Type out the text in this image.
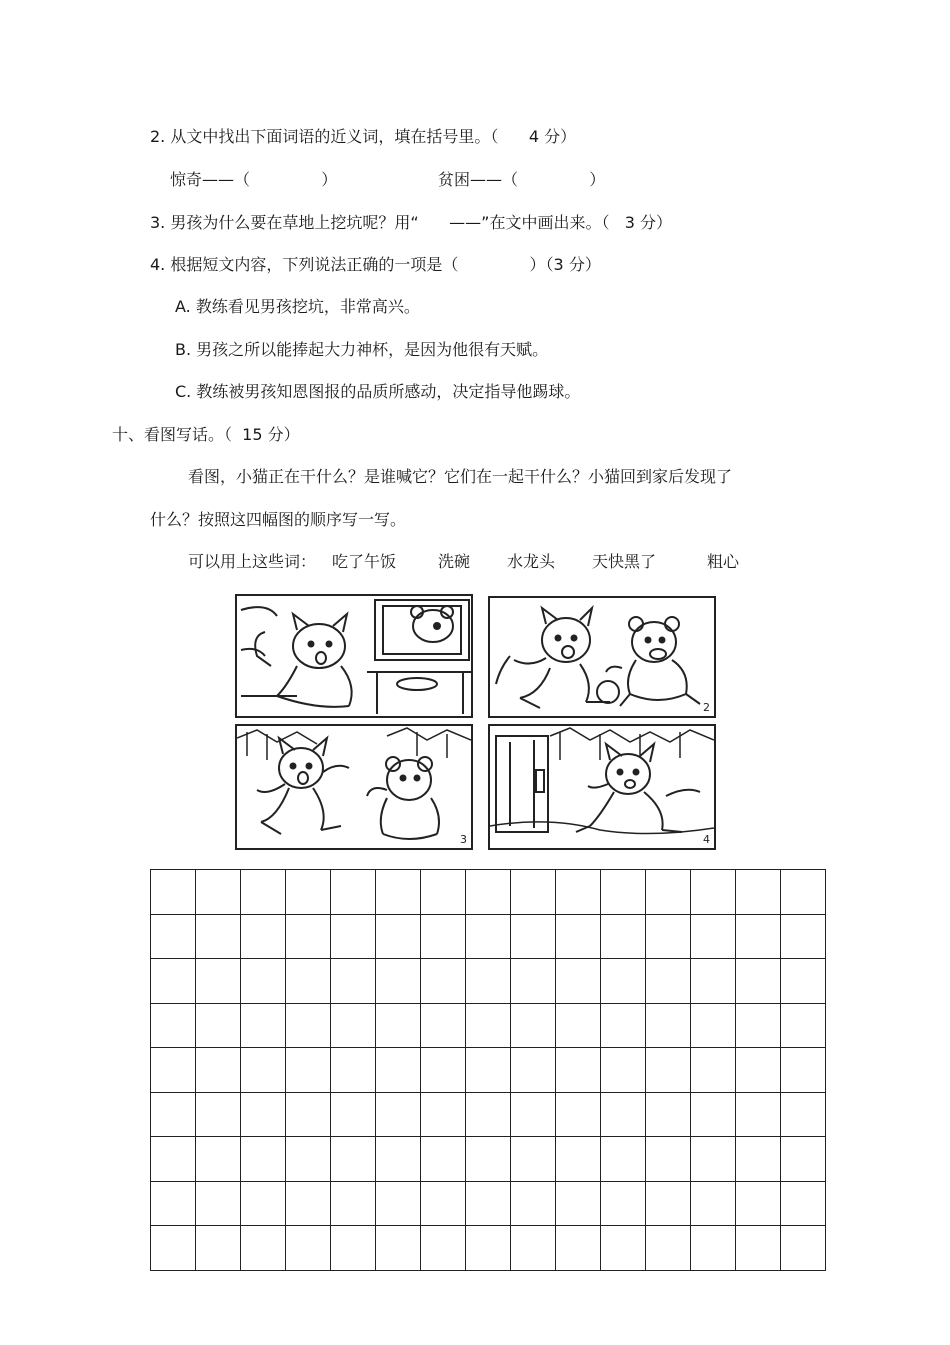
2. 从文中找出下面词语的近义词，填在括号里。（      4 分）
惊奇——（              ）	贫困——（              ）
3. 男孩为什么要在草地上挖坑呢？用“      ——”在文中画出来。（   3 分）
4. 根据短文内容，下列说法正确的一项是（              ）（3 分）
A. 教练看见男孩挖坑，非常高兴。
B. 男孩之所以能捧起大力神杯，是因为他很有天赋。
C. 教练被男孩知恩图报的品质所感动，决定指导他踢球。
十、看图写话。（  15 分）
看图，小猫正在干什么？是谁喊它？它们在一起干什么？小猫回到家后发现了
什么？按照这四幅图的顺序写一写。
可以用上这些词： 吃了午饭	洗碗 水龙头 天快黑了	粗心
2
3	4
